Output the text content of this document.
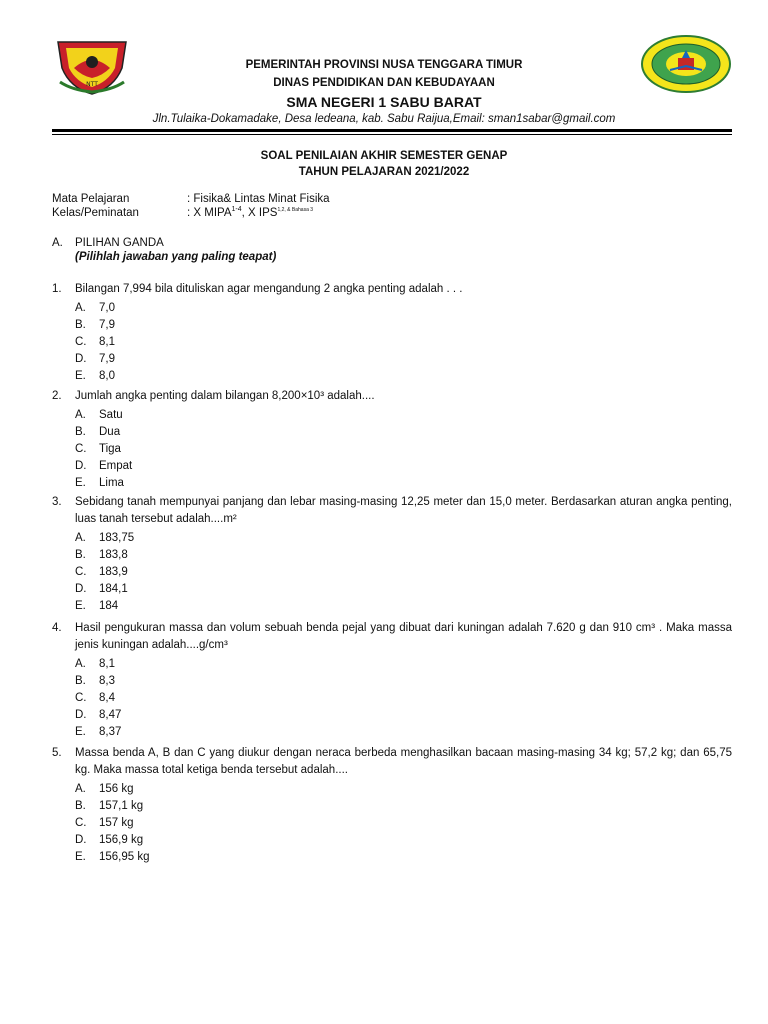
NTT
PEMERINTAH PROVINSI NUSA TENGGARA TIMUR
DINAS PENDIDIKAN DAN KEBUDAYAAN
SMA NEGERI 1 SABU BARAT
Jln.Tulaika-Dokamadake, Desa ledeana, kab. Sabu Raijua,Email: sman1sabar@gmail.com
SOAL PENILAIAN AKHIR SEMESTER GENAP
TAHUN PELAJARAN 2021/2022
Mata Pelajaran	: Fisika& Lintas Minat Fisika
Kelas/Peminatan	: X MIPA$^{1-4}$, X $IPS^{1,2, \& Bahasa 3}$
A. PILIHAN GANDA
(Pilihlah jawaban yang paling teapat)
1.	Bilangan 7,994 bila dituliskan agar mengandung 2 angka penting adalah . . .
A. 7,0
B. 7,9
C. 8,1
D. 7,9
E. 8,0
2.	Jumlah angka penting dalam bilangan 8,200×10³ adalah....
A. Satu
B. Dua
C. Tiga
D. Empat
E. Lima
3.	Sebidang tanah mempunyai panjang dan lebar masing-masing 12,25 meter dan 15,0 meter. Berdasarkan aturan angka penting, luas tanah tersebut adalah....m²
A. 183,75
B. 183,8
C. 183,9
D. 184,1
E. 184
4.	Hasil pengukuran massa dan volum sebuah benda pejal yang dibuat dari kuningan adalah 7.620 g dan 910 cm³ . Maka massa jenis kuningan adalah....g/cm³
A. 8,1
B. 8,3
C. 8,4
D. 8,47
E. 8,37
5.	Massa benda A, B dan C yang diukur dengan neraca berbeda menghasilkan bacaan masing-masing 34 kg; 57,2 kg; dan 65,75 kg. Maka massa total ketiga benda tersebut adalah....
A. 156 kg
B. 157,1 kg
C. 157 kg
D. 156,9 kg
E. 156,95 kg
